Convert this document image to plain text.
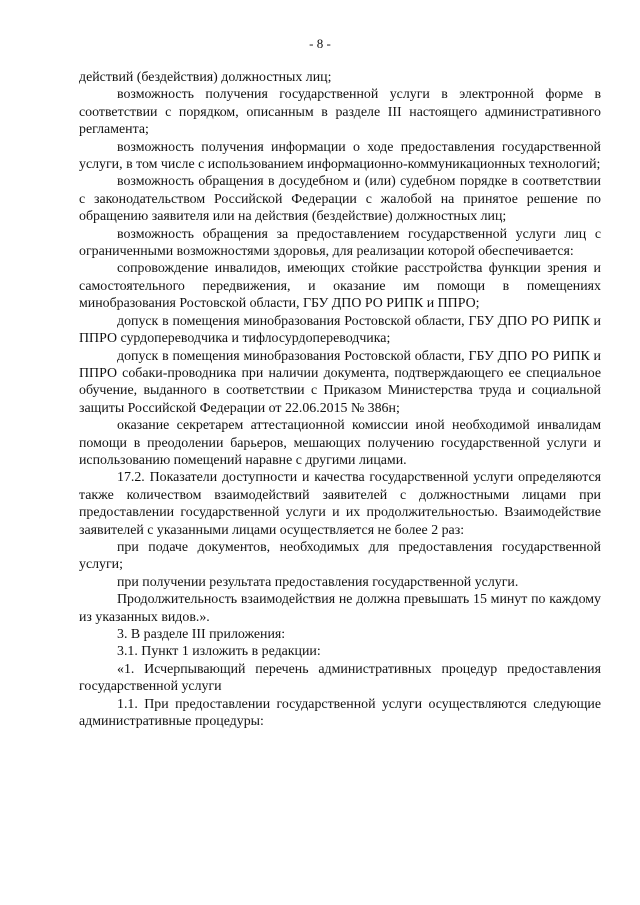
- 8 -

действий (бездействия) должностных лиц;

возможность получения государственной услуги в электронной форме в соответствии с порядком, описанным в разделе III настоящего административного регламента;

возможность получения информации о ходе предоставления государственной услуги, в том числе с использованием информационно-коммуникационных технологий;

возможность обращения в досудебном и (или) судебном порядке в соответствии с законодательством Российской Федерации с жалобой на принятое решение по обращению заявителя или на действия (бездействие) должностных лиц;

возможность обращения за предоставлением государственной услуги лиц с ограниченными возможностями здоровья, для реализации которой обеспечивается:

сопровождение инвалидов, имеющих стойкие расстройства функции зрения и самостоятельного передвижения, и оказание им помощи в помещениях минобразования Ростовской области, ГБУ ДПО РО РИПК и ППРО;

допуск в помещения минобразования Ростовской области, ГБУ ДПО РО РИПК и ППРО сурдопереводчика и тифлосурдопереводчика;

допуск в помещения минобразования Ростовской области, ГБУ ДПО РО РИПК и ППРО собаки-проводника при наличии документа, подтверждающего ее специальное обучение, выданного в соответствии с Приказом Министерства труда и социальной защиты Российской Федерации от 22.06.2015 № 386н;

оказание секретарем аттестационной комиссии иной необходимой инвалидам помощи в преодолении барьеров, мешающих получению государственной услуги и использованию помещений наравне с другими лицами.

17.2. Показатели доступности и качества государственной услуги определяются также количеством взаимодействий заявителей с должностными лицами при предоставлении государственной услуги и их продолжительностью. Взаимодействие заявителей с указанными лицами осуществляется не более 2 раз:

при подаче документов, необходимых для предоставления государственной услуги;

при получении результата предоставления государственной услуги.

Продолжительность взаимодействия не должна превышать 15 минут по каждому из указанных видов.».

3. В разделе III приложения:

3.1. Пункт 1 изложить в редакции:

«1. Исчерпывающий перечень административных процедур предоставления государственной услуги

1.1. При предоставлении государственной услуги осуществляются следующие административные процедуры:
